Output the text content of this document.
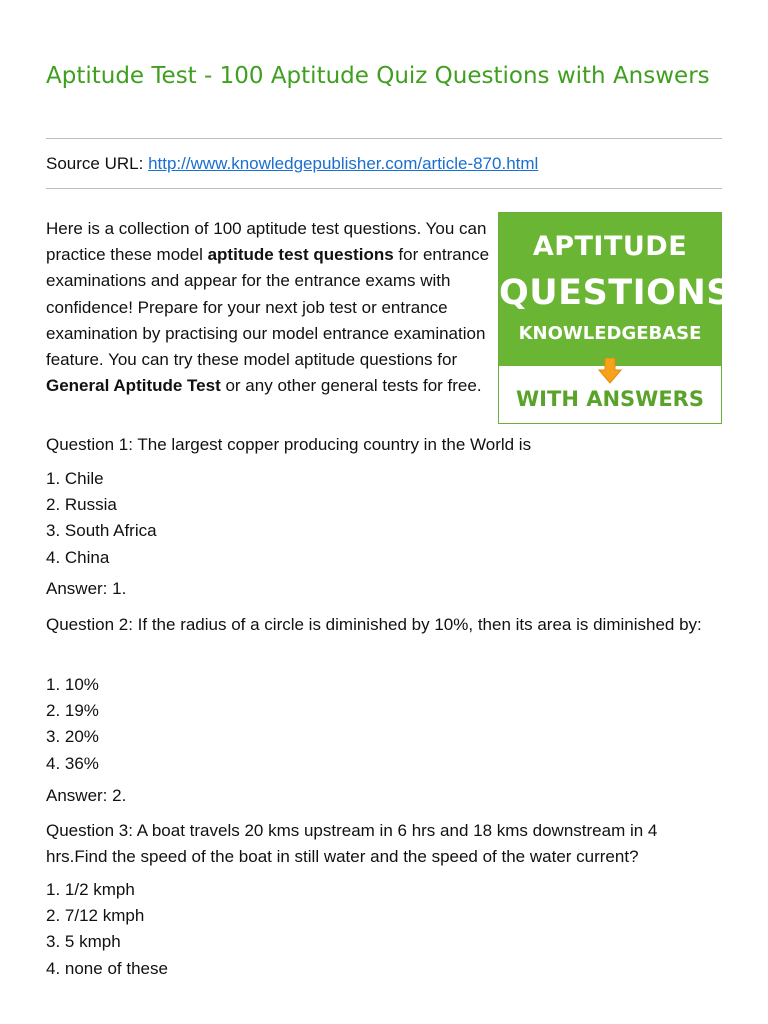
Aptitude Test - 100 Aptitude Quiz Questions with Answers
Source URL: http://www.knowledgepublisher.com/article-870.html

Here is a collection of 100 aptitude test questions. You can practice these model aptitude test questions for entrance examinations and appear for the entrance exams with confidence! Prepare for your next job test or entrance examination by practising our model entrance examination feature. You can try these model aptitude questions for General Aptitude Test or any other general tests for free.

APTITUDE
QUESTIONS
KNOWLEDGEBASE
WITH ANSWERS

Question 1: The largest copper producing country in the World is

1. Chile
2. Russia
3. South Africa
4. China

Answer: 1.

Question 2: If the radius of a circle is diminished by 10%, then its area is diminished by:

1. 10%
2. 19%
3. 20%
4. 36%

Answer: 2.

Question 3: A boat travels 20 kms upstream in 6 hrs and 18 kms downstream in 4 hrs.Find the speed of the boat in still water and the speed of the water current?

1. 1/2 kmph
2. 7/12 kmph
3. 5 kmph
4. none of these
